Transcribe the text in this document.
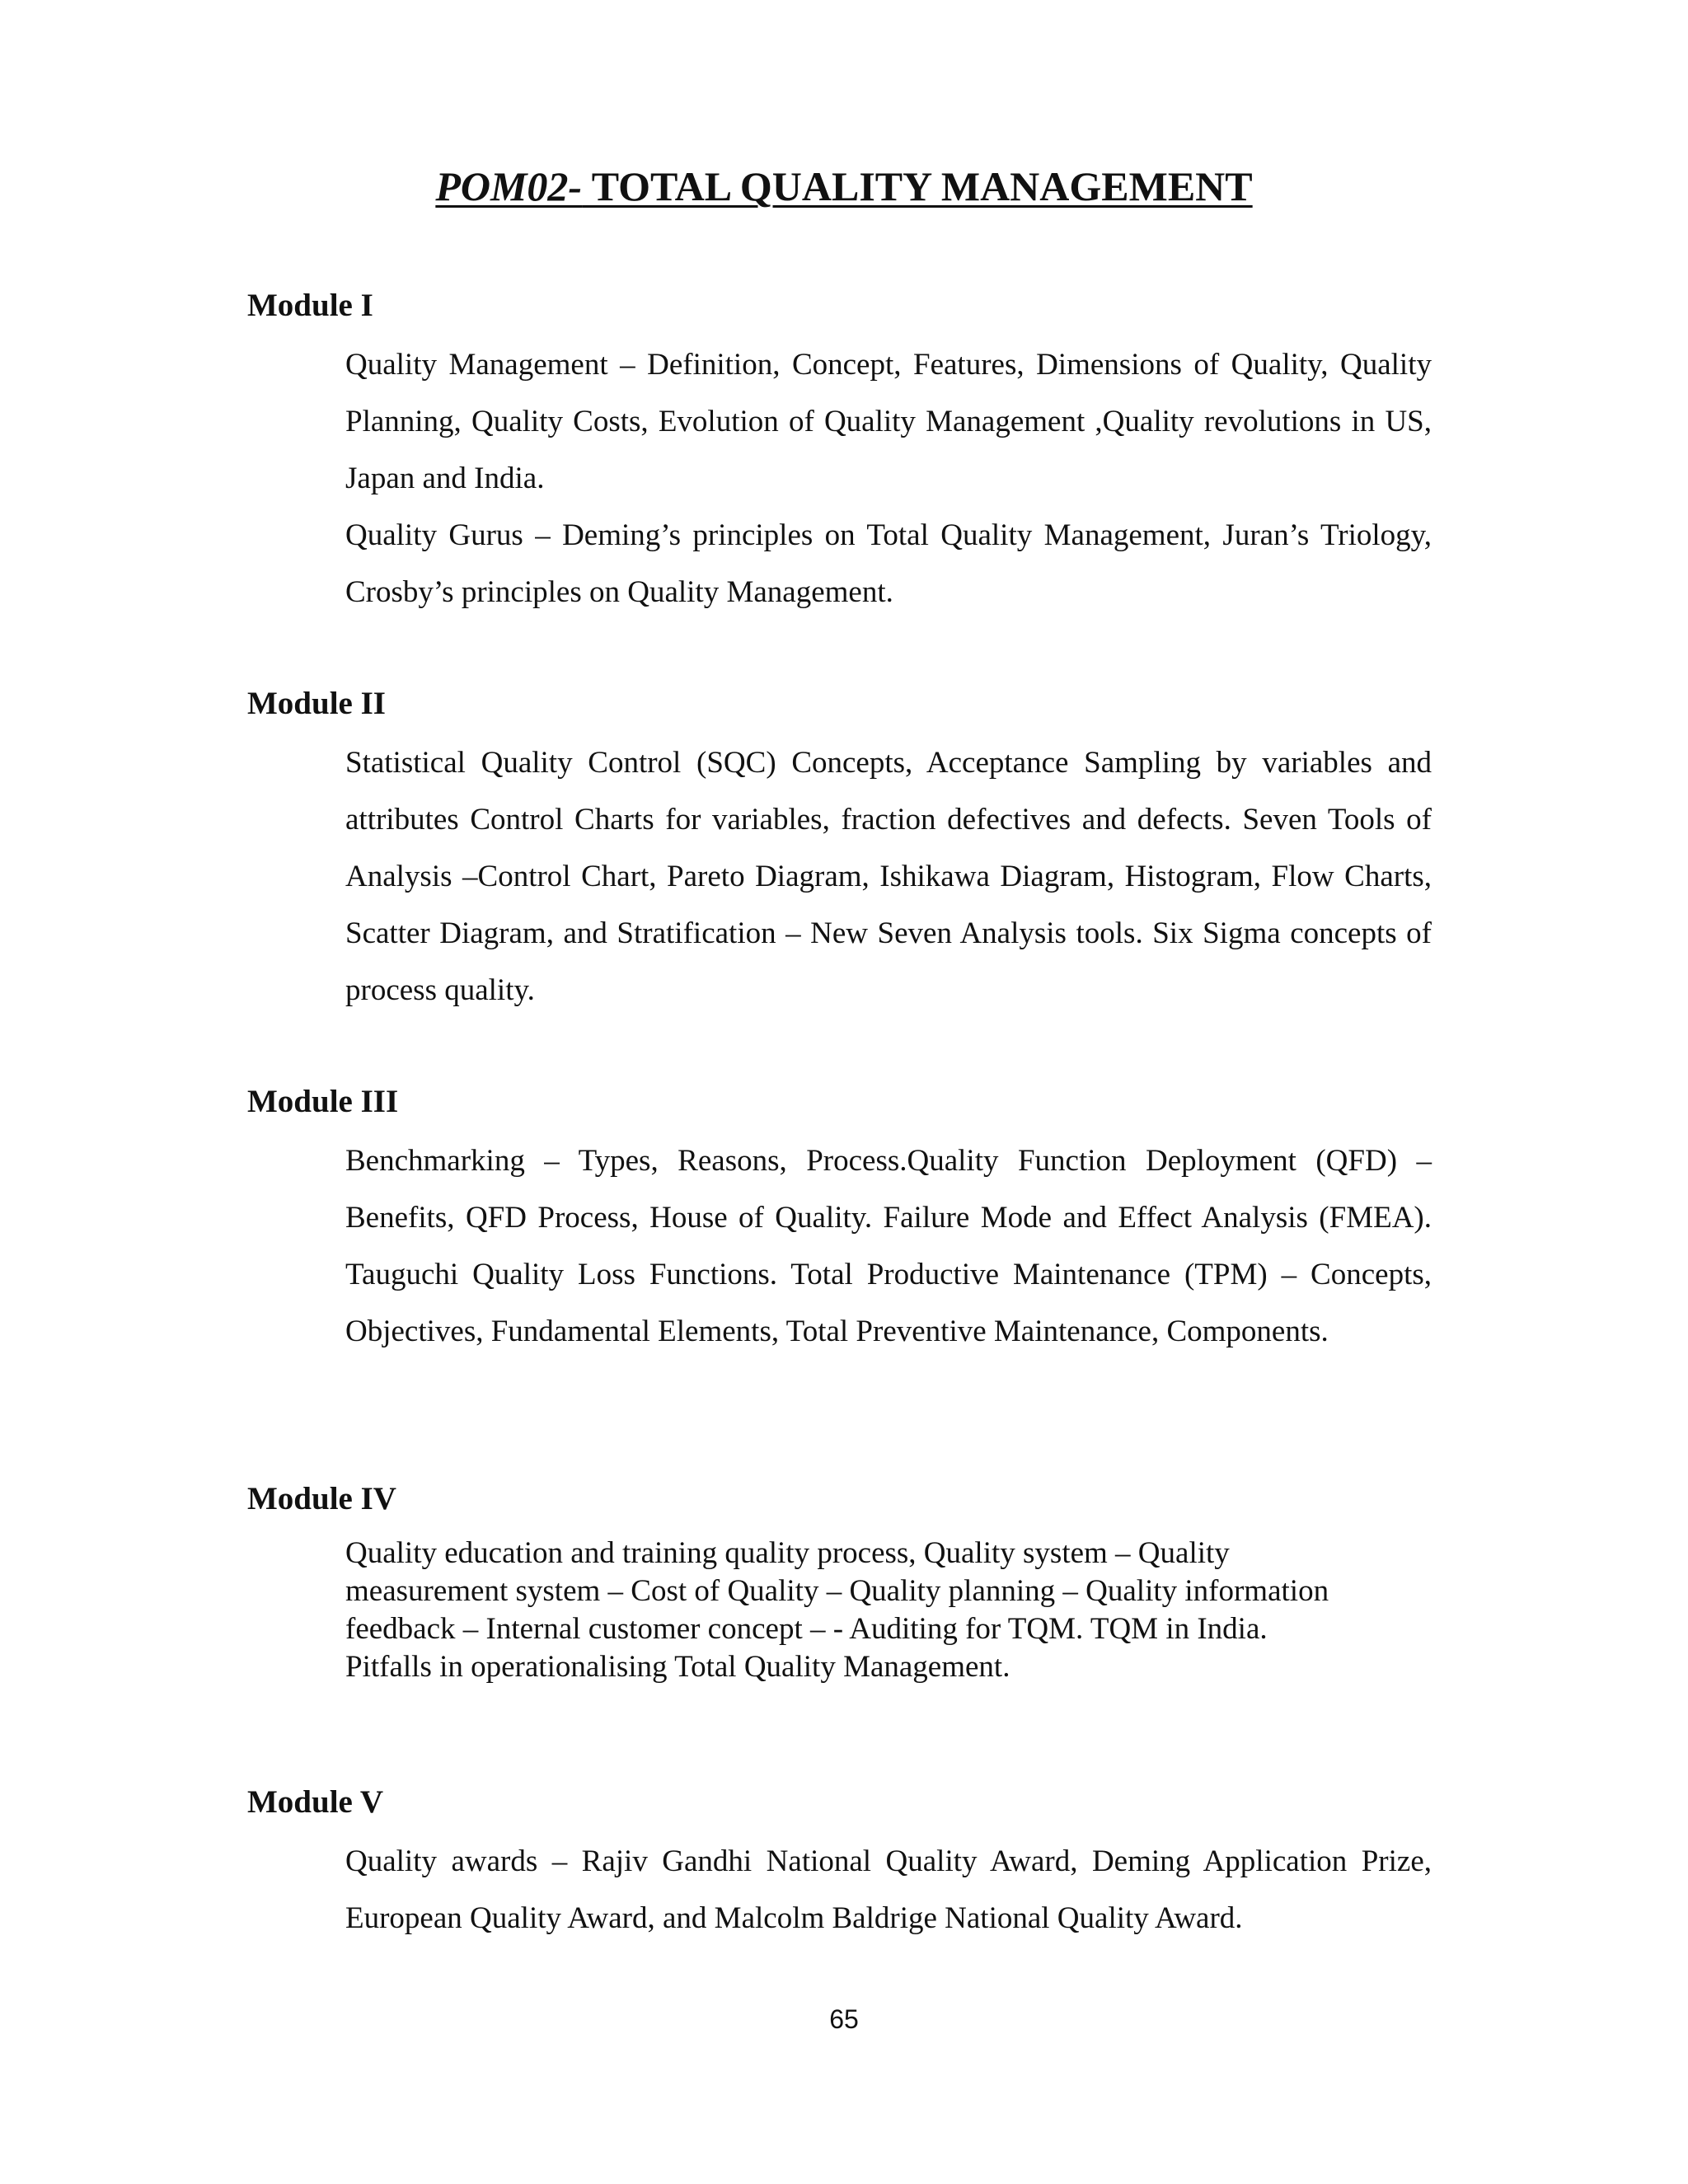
POM02- TOTAL QUALITY MANAGEMENT
Module I

Quality Management – Definition, Concept, Features, Dimensions of Quality, Quality Planning, Quality Costs, Evolution of Quality Management ,Quality revolutions in US, Japan and India.

Quality Gurus – Deming’s principles on Total Quality Management, Juran’s Triology, Crosby’s principles on Quality Management.

Module II

Statistical Quality Control (SQC) Concepts, Acceptance Sampling by variables and attributes Control Charts for variables, fraction defectives and defects. Seven Tools of Analysis –Control Chart, Pareto Diagram, Ishikawa Diagram, Histogram, Flow Charts, Scatter Diagram, and Stratification – New Seven Analysis tools. Six Sigma concepts of process quality.

Module III

Benchmarking – Types, Reasons, Process.Quality Function Deployment (QFD) – Benefits, QFD Process, House of Quality. Failure Mode and Effect Analysis (FMEA). Tauguchi Quality Loss Functions. Total Productive Maintenance (TPM) – Concepts, Objectives, Fundamental Elements, Total Preventive Maintenance, Components.

Module IV

Quality education and training quality process, Quality system – Quality

measurement system – Cost of Quality – Quality planning – Quality information

feedback – Internal customer concept – - Auditing for TQM. TQM in India.

Pitfalls in operationalising Total Quality Management.

Module V

Quality awards – Rajiv Gandhi National Quality Award, Deming Application Prize, European Quality Award, and Malcolm Baldrige National Quality Award.

65
